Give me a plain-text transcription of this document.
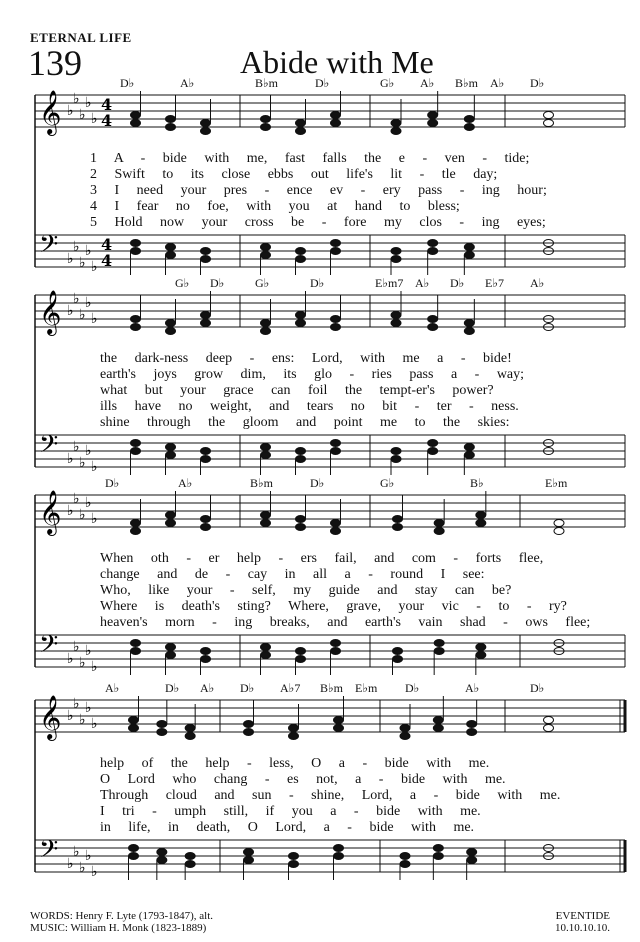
ETERNAL LIFE
139	Abide with Me
𝄞
𝄢
♭
♭
♭
♭
♭
♭
♭
♭
♭
♭
4
4
4
4
D♭	A♭	B♭m	D♭	G♭ A♭ B♭m A♭ D♭
1 A - bide with me, fast falls the e - ven - tide;
2 Swift to its close ebbs out life's lit - tle day;
3 I need your pres - ence ev - ery pass - ing hour;
4 I fear no foe, with you at hand to bless;
5 Hold now your cross be - fore my clos - ing eyes;
𝄞
𝄢
♭
♭
♭
♭
♭
♭
♭
♭
♭
♭
G♭ D♭	G♭	D♭	E♭m7 A♭ D♭ E♭7 A♭
the dark-ness deep - ens: Lord, with me a - bide!
earth's joys grow dim, its glo - ries pass a - way;
what but your grace can foil the tempt-er's power?
ills have no weight, and tears no bit - ter - ness.
shine through the gloom and point me to the skies:
𝄞
𝄢
♭
♭
♭
♭
♭
♭
♭
♭
♭
♭
D♭	A♭	B♭m	D♭	G♭	B♭	E♭m
When oth - er help - ers fail, and com - forts flee,
change and de - cay in all a - round I see:
Who, like your - self, my guide and stay can be?
Where is death's sting? Where, grave, your vic - to - ry?
heaven's morn - ing breaks, and earth's vain shad - ows flee;
𝄞
𝄢
♭
♭
♭
♭
♭
♭
♭
♭
♭
♭
A♭	D♭ A♭ D♭ A♭7 B♭m E♭m D♭	A♭	D♭
help of the help - less, O a - bide with me.
O Lord who chang - es not, a - bide with me.
Through cloud and sun - shine, Lord, a - bide with me.
I tri - umph still, if you a - bide with me.
in life, in death, O Lord, a - bide with me.
WORDS: Henry F. Lyte (1793-1847), alt.
MUSIC: William H. Monk (1823-1889)
EVENTIDE
10.10.10.10.
